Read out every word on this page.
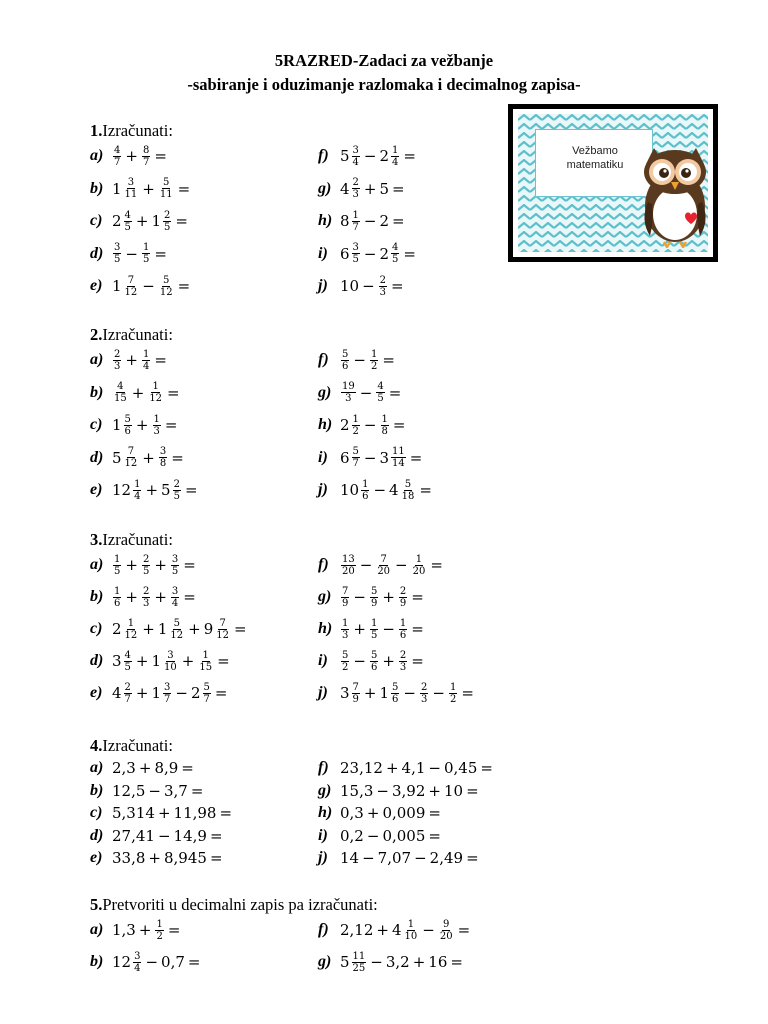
5RAZRED-Zadaci za vežbanje
-sabiranje i oduzimanje razlomaka i decimalnog zapisa-
Vežbamo
matematiku
1.Izračunati:
$a) \frac{4}{7} + \frac{8}{7}$ =
b) $1 \frac{3}{11} + \frac{5}{11}$ =
c) $2 \frac{4}{5} + 1 \frac{2}{5}$ =
$d) \frac{3}{5} - \frac{1}{5}$ =
e) $1 \frac{7}{12} - \frac{5}{12}$ =
f) $5 \frac{3}{4} - 2 \frac{1}{4}$ =
g) $4 \frac{2}{3} + 5$ =
h) $8 \frac{1}{7} - 2$ =
i) $6 \frac{3}{5} - 2 \frac{4}{5}$ =
j) $10 - \frac{2}{3}$ =
2.Izračunati:
$a) \frac{2}{3} + \frac{1}{4}$ =
$b) \frac{4}{15} + \frac{1}{12}$ =
c) $1 \frac{5}{6} + \frac{1}{3}$ =
d) $5 \frac{7}{12} + \frac{3}{8}$ =
e) $12 \frac{1}{4} + 5 \frac{2}{5}$ =
f)	$\frac{5}{6} - \frac{1}{2}$ =
$g) \frac{19}{3} - \frac{4}{5}$ =
h) $2 \frac{1}{2} - \frac{1}{8}$ =
i) $6 \frac{5}{7} - 3 \frac{11}{14}$ =
j) $10 \frac{1}{6} - 4 \frac{5}{18}$ =
3.Izračunati:
$a) \frac{1}{5} + \frac{2}{5} + \frac{3}{5}$ =
$b) \frac{1}{6} + \frac{2}{3} + \frac{3}{4}$ =
c) $2 \frac{1}{12} + 1 \frac{5}{12} + 9 \frac{7}{12}$ =
d) $3 \frac{4}{5} + 1 \frac{3}{10} + \frac{1}{15}$ =
e) $4 \frac{2}{7} + 1 \frac{3}{7} - 2 \frac{5}{7}$ =
f)	$\frac{13}{20} - \frac{7}{20} - \frac{1}{20}$ =
$g) \frac{7}{9} - \frac{5}{9} + \frac{2}{9}$ =
$h) \frac{1}{3} + \frac{1}{5} - \frac{1}{6}$ =
i)	$\frac{5}{2} - \frac{5}{6} + \frac{2}{3}$ =
j) $3 \frac{7}{9} + 1 \frac{5}{6} - \frac{2}{3} - \frac{1}{2}$ =
4.Izračunati:
a) 2,3 + 8,9 =
b) 12,5 − 3,7 =
c) 5,314 + 11,98 =
d) 27,41 − 14,9 =
e) 33,8 + 8,945 =
f) 23,12 + 4,1 − 0,45 =
g) 15,3 − 3,92 + 10 =
h) 0,3 + 0,009 =
i) 0,2 − 0,005 =
j) 14 − 7,07 − 2,49 =
5.Pretvoriti u decimalni zapis pa izračunati:
a) $1,3 + \frac{1}{2}$ =
b) $12 \frac{3}{4} - 0,7$ =
f) $2,12 + 4 \frac{1}{10} - \frac{9}{20}$ =
g) $5 \frac{11}{25} - 3,2 + 16$ =
